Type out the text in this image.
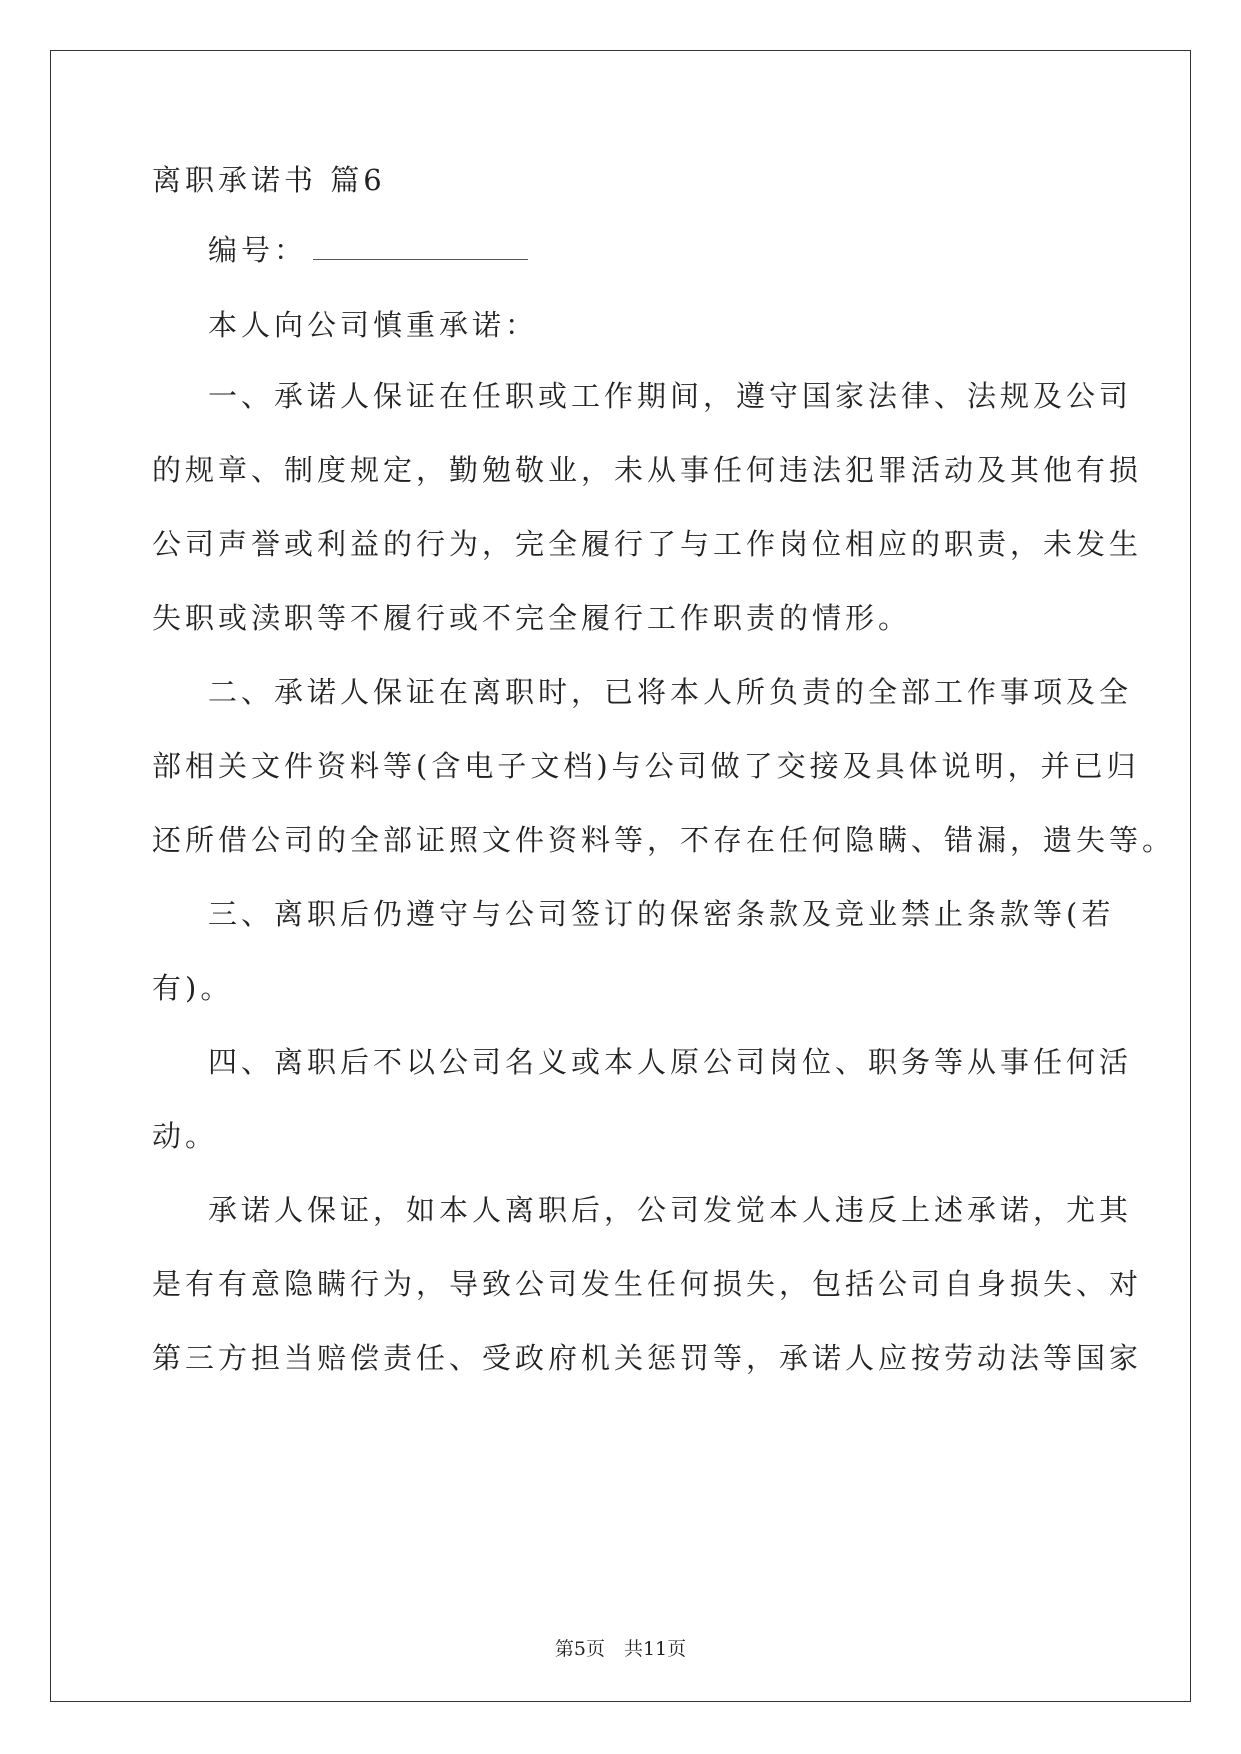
离职承诺书 篇6
编号：
本人向公司慎重承诺：
一、承诺人保证在任职或工作期间，遵守国家法律、法规及公司
的规章、制度规定，勤勉敬业，未从事任何违法犯罪活动及其他有损
公司声誉或利益的行为，完全履行了与工作岗位相应的职责，未发生
失职或渎职等不履行或不完全履行工作职责的情形。
二、承诺人保证在离职时，已将本人所负责的全部工作事项及全
部相关文件资料等(含电子文档)与公司做了交接及具体说明，并已归
还所借公司的全部证照文件资料等，不存在任何隐瞒、错漏，遗失等。
三、离职后仍遵守与公司签订的保密条款及竞业禁止条款等(若
有)。
四、离职后不以公司名义或本人原公司岗位、职务等从事任何活
动。
承诺人保证，如本人离职后，公司发觉本人违反上述承诺，尤其
是有有意隐瞒行为，导致公司发生任何损失，包括公司自身损失、对
第三方担当赔偿责任、受政府机关惩罚等，承诺人应按劳动法等国家
第5页　共11页
